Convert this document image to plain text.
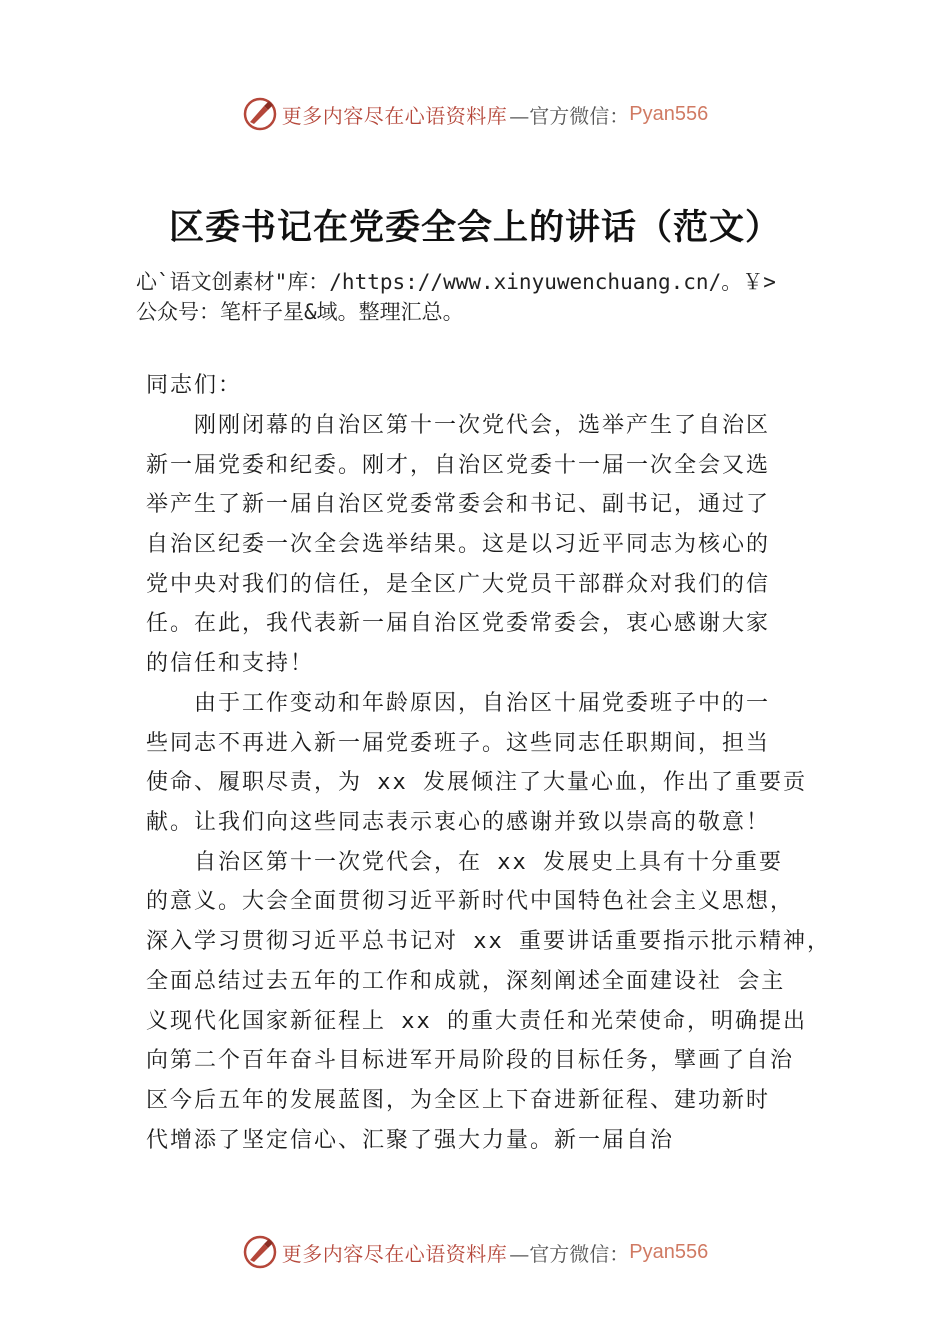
更多内容尽在心语资料库 —官方微信： Pyan556
区委书记在党委全会上的讲话（范文）
心`语文创素材"库：/https://www.xinyuwenchuang.cn/。￥>
公众号：笔杆子星&域。整理汇总。
同志们：
　　刚刚闭幕的自治区第十一次党代会，选举产生了自治区
新一届党委和纪委。刚才，自治区党委十一届一次全会又选
举产生了新一届自治区党委常委会和书记、副书记，通过了
自治区纪委一次全会选举结果。这是以习近平同志为核心的
党中央对我们的信任，是全区广大党员干部群众对我们的信
任。在此，我代表新一届自治区党委常委会，衷心感谢大家
的信任和支持！
　　由于工作变动和年龄原因，自治区十届党委班子中的一
些同志不再进入新一届党委班子。这些同志任职期间，担当
使命、履职尽责，为 xx 发展倾注了大量心血，作出了重要贡
献。让我们向这些同志表示衷心的感谢并致以崇高的敬意！
　　自治区第十一次党代会，在 xx 发展史上具有十分重要
的意义。大会全面贯彻习近平新时代中国特色社会主义思想，
深入学习贯彻习近平总书记对 xx 重要讲话重要指示批示精神，
全面总结过去五年的工作和成就，深刻阐述全面建设社 会主
义现代化国家新征程上 xx 的重大责任和光荣使命，明确提出
向第二个百年奋斗目标进军开局阶段的目标任务，擘画了自治
区今后五年的发展蓝图，为全区上下奋进新征程、建功新时
代增添了坚定信心、汇聚了强大力量。新一届自治
更多内容尽在心语资料库 —官方微信： Pyan556
